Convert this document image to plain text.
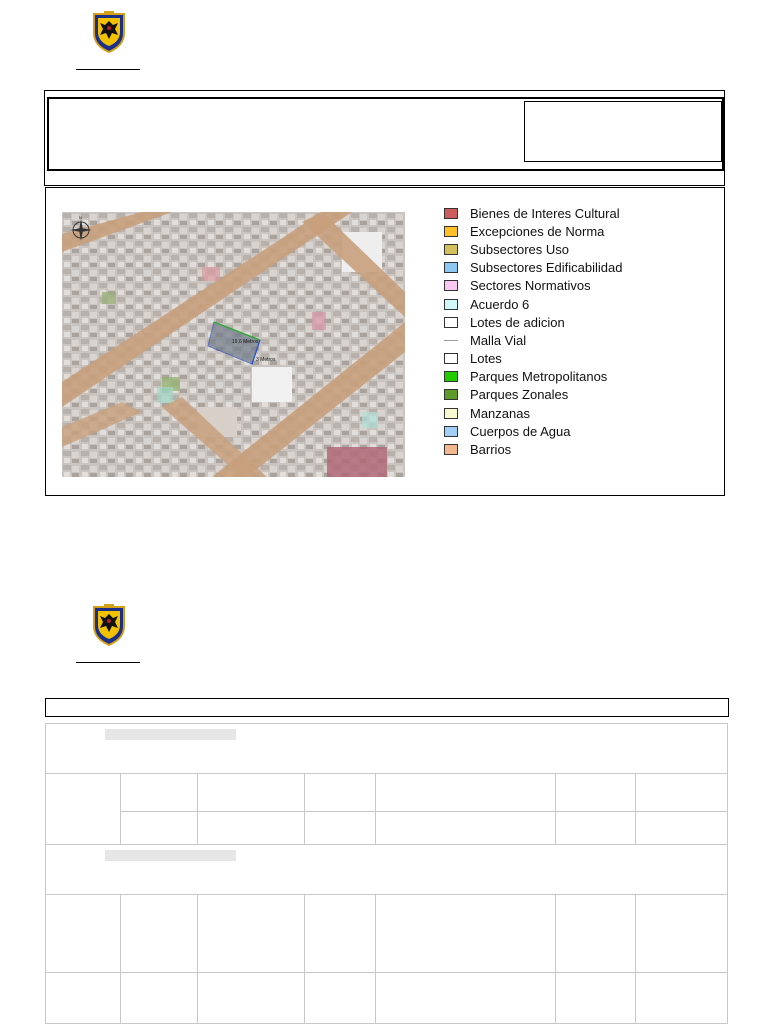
N
19,6 Metros
3 Metros
Bienes de Interes Cultural
Excepciones de Norma
Subsectores Uso
Subsectores Edificabilidad
Sectores Normativos
Acuerdo 6
Lotes de adicion
Malla Vial
Lotes
Parques Metropolitanos
Parques Zonales
Manzanas
Cuerpos de Agua
Barrios
